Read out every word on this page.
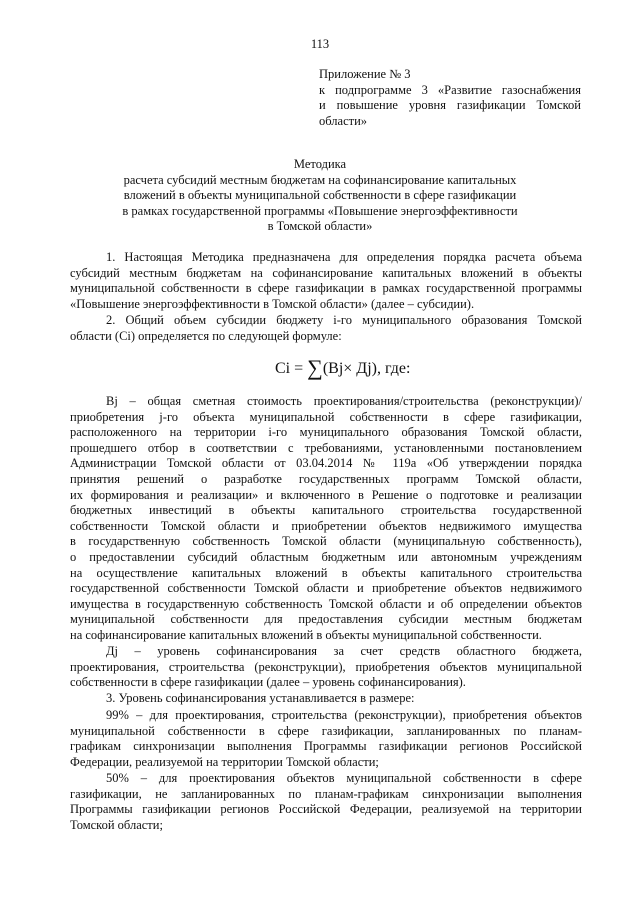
113
Приложение № 3
к подпрограмме 3 «Развитие газоснабжения
и повышение уровня газификации Томской
области»
Методика
расчета субсидий местным бюджетам на софинансирование капитальных
вложений в объекты муниципальной собственности в сфере газификации
в рамках государственной программы «Повышение энергоэффективности
в Томской области»
1. Настоящая Методика предназначена для определения порядка расчета объема
субсидий местным бюджетам на софинансирование капитальных вложений в объекты
муниципальной собственности в сфере газификации в рамках государственной программы
«Повышение энергоэффективности в Томской области» (далее – субсидии).
2. Общий объем субсидии бюджету i-го муниципального образования Томской
области (Ci) определяется по следующей формуле:
Ci = ∑(Вj× Дj), где:
Вj – общая сметная стоимость проектирования/строительства (реконструкции)/
приобретения j-го объекта муниципальной собственности в сфере газификации,
расположенного на территории i-го муниципального образования Томской области,
прошедшего отбор в соответствии с требованиями, установленными постановлением
Администрации Томской области от 03.04.2014 № 119а «Об утверждении порядка
принятия решений о разработке государственных программ Томской области,
их формирования и реализации» и включенного в Решение о подготовке и реализации
бюджетных инвестиций в объекты капитального строительства государственной
собственности Томской области и приобретении объектов недвижимого имущества
в государственную собственность Томской области (муниципальную собственность),
о предоставлении субсидий областным бюджетным или автономным учреждениям
на осуществление капитальных вложений в объекты капитального строительства
государственной собственности Томской области и приобретение объектов недвижимого
имущества в государственную собственность Томской области и об определении объектов
муниципальной собственности для предоставления субсидии местным бюджетам
на софинансирование капитальных вложений в объекты муниципальной собственности.
Дj – уровень софинансирования за счет средств областного бюджета,
проектирования, строительства (реконструкции), приобретения объектов муниципальной
собственности в сфере газификации (далее – уровень софинансирования).
3. Уровень софинансирования устанавливается в размере:
99% – для проектирования, строительства (реконструкции), приобретения объектов
муниципальной собственности в сфере газификации, запланированных по планам-
графикам синхронизации выполнения Программы газификации регионов Российской
Федерации, реализуемой на территории Томской области;
50% – для проектирования объектов муниципальной собственности в сфере
газификации, не запланированных по планам-графикам синхронизации выполнения
Программы газификации регионов Российской Федерации, реализуемой на территории
Томской области;
